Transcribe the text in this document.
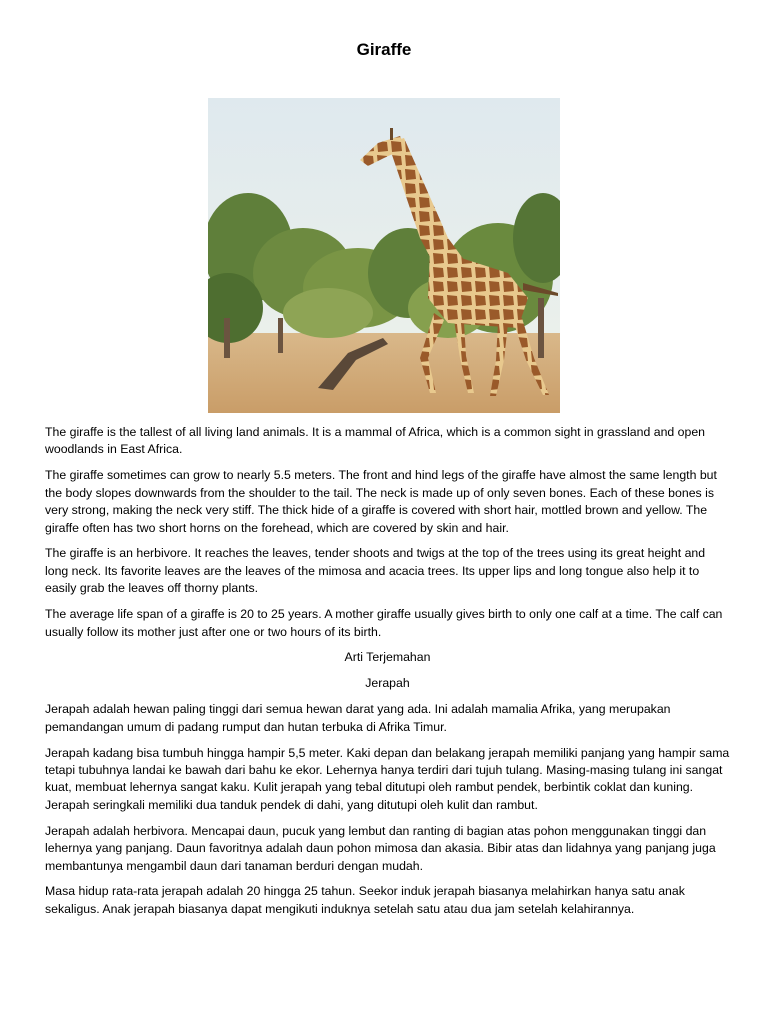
Giraffe

The giraffe is the tallest of all living land animals. It is a mammal of Africa, which is a common sight in grassland and open woodlands in East Africa.

The giraffe sometimes can grow to nearly 5.5 meters. The front and hind legs of the giraffe have almost the same length but the body slopes downwards from the shoulder to the tail. The neck is made up of only seven bones. Each of these bones is very strong, making the neck very stiff. The thick hide of a giraffe is covered with short hair, mottled brown and yellow. The giraffe often has two short horns on the forehead, which are covered by skin and hair.

The giraffe is an herbivore. It reaches the leaves, tender shoots and twigs at the top of the trees using its great height and long neck. Its favorite leaves are the leaves of the mimosa and acacia trees. Its upper lips and long tongue also help it to easily grab the leaves off thorny plants.

The average life span of a giraffe is 20 to 25 years. A mother giraffe usually gives birth to only one calf at a time. The calf can usually follow its mother just after one or two hours of its birth.

Arti Terjemahan

Jerapah

Jerapah adalah hewan paling tinggi dari semua hewan darat yang ada. Ini adalah mamalia Afrika, yang merupakan pemandangan umum di padang rumput dan hutan terbuka di Afrika Timur.

Jerapah kadang bisa tumbuh hingga hampir 5,5 meter. Kaki depan dan belakang jerapah memiliki panjang yang hampir sama tetapi tubuhnya landai ke bawah dari bahu ke ekor. Lehernya hanya terdiri dari tujuh tulang. Masing-masing tulang ini sangat kuat, membuat lehernya sangat kaku. Kulit jerapah yang tebal ditutupi oleh rambut pendek, berbintik coklat dan kuning. Jerapah seringkali memiliki dua tanduk pendek di dahi, yang ditutupi oleh kulit dan rambut.

Jerapah adalah herbivora. Mencapai daun, pucuk yang lembut dan ranting di bagian atas pohon menggunakan tinggi dan lehernya yang panjang. Daun favoritnya adalah daun pohon mimosa dan akasia. Bibir atas dan lidahnya yang panjang juga membantunya mengambil daun dari tanaman berduri dengan mudah.

Masa hidup rata-rata jerapah adalah 20 hingga 25 tahun. Seekor induk jerapah biasanya melahirkan hanya satu anak sekaligus. Anak jerapah biasanya dapat mengikuti induknya setelah satu atau dua jam setelah kelahirannya.
